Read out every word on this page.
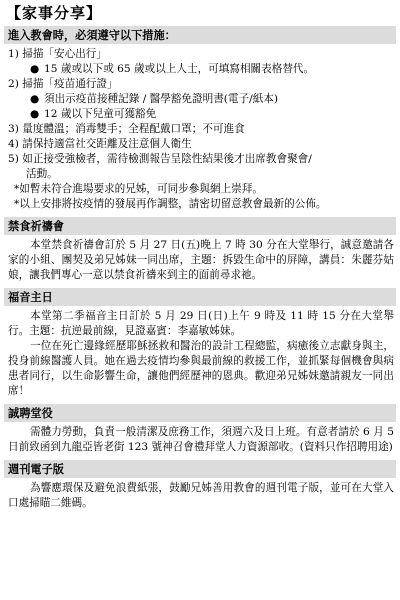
【家事分享】
進入教會時，必須遵守以下措施：
1) 掃描「安心出行」
● 15 歲或以下或 65 歲或以上人士，可填寫相關表格替代。
2) 掃描「疫苗通行證」
● 須出示疫苗接種記錄 / 醫學豁免證明書(電子/紙本)
● 12 歲以下兒童可獲豁免
3) 量度體溫；消毒雙手；全程配戴口罩；不可進食
4) 請保持適當社交距離及注意個人衛生
5) 如正接受強檢者，需待檢測報告呈陰性結果後才出席教會聚會/
活動。
*如暫未符合進場要求的兄姊，可同步參與網上崇拜。
*以上安排將按疫情的發展再作調整，請密切留意教會最新的公佈。
禁食祈禱會

本堂禁食祈禱會訂於 5 月 27 日(五)晚上 7 時 30 分在大堂舉行，誠意邀請各家的小組、團契及弟兄姊妹一同出席，主題：拆毀生命中的屏障，講員：朱麗芬姑娘，讓我們專心一意以禁食祈禱來到主的面前尋求祂。

福音主日

本堂第二季福音主日訂於 5 月 29 日(日)上午 9 時及 11 時 15 分在大堂舉行。主題：抗逆最前線，見證嘉賓：李嘉敏姊妹。

一位在死亡邊緣經歷耶穌拯救和醫治的設計工程總監，病癒後立志獻身與主，投身前線醫護人員。她在過去疫情均參與最前線的救援工作，並抓緊每個機會與病患者同行，以生命影響生命，讓他們經歷神的恩典。歡迎弟兄姊妹邀請親友一同出席！

誠聘堂役

需體力勞動，負責一般清潔及庶務工作，須週六及日上班。有意者請於 6 月 5 日前致函到九龍亞皆老街 123 號神召會禮拜堂人力資源部收。(資料只作招聘用途)

週刊電子版

為響應環保及避免浪費紙張，鼓勵兄姊善用教會的週刊電子版，並可在大堂入口處掃瞄二維碼。
